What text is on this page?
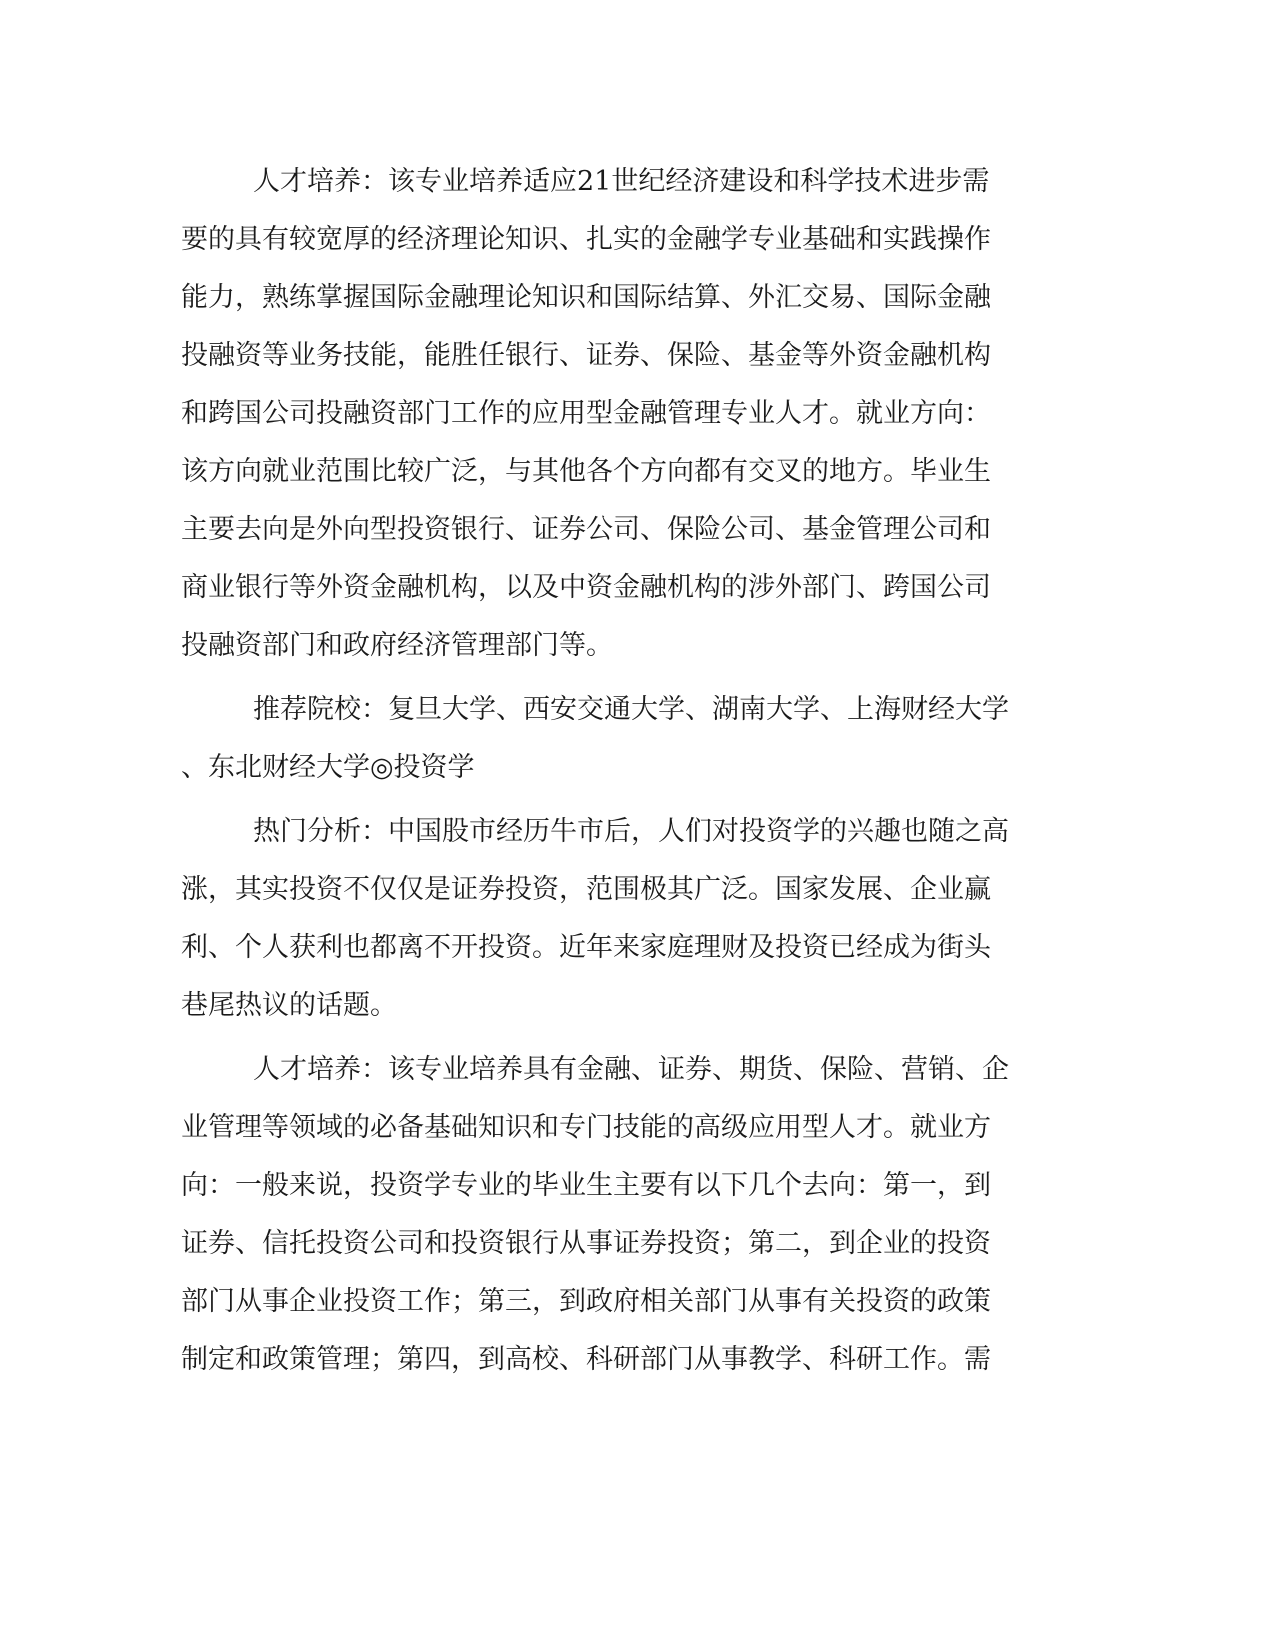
人才培养：该专业培养适应21世纪经济建设和科学技术进步需

要的具有较宽厚的经济理论知识、扎实的金融学专业基础和实践操作

能力，熟练掌握国际金融理论知识和国际结算、外汇交易、国际金融

投融资等业务技能，能胜任银行、证券、保险、基金等外资金融机构

和跨国公司投融资部门工作的应用型金融管理专业人才。就业方向：

该方向就业范围比较广泛，与其他各个方向都有交叉的地方。毕业生

主要去向是外向型投资银行、证券公司、保险公司、基金管理公司和

商业银行等外资金融机构，以及中资金融机构的涉外部门、跨国公司

投融资部门和政府经济管理部门等。

推荐院校：复旦大学、西安交通大学、湖南大学、上海财经大学

、东北财经大学◎投资学

热门分析：中国股市经历牛市后，人们对投资学的兴趣也随之高

涨，其实投资不仅仅是证券投资，范围极其广泛。国家发展、企业赢

利、个人获利也都离不开投资。近年来家庭理财及投资已经成为街头

巷尾热议的话题。

人才培养：该专业培养具有金融、证券、期货、保险、营销、企

业管理等领域的必备基础知识和专门技能的高级应用型人才。就业方

向：一般来说，投资学专业的毕业生主要有以下几个去向：第一，到

证券、信托投资公司和投资银行从事证券投资；第二，到企业的投资

部门从事企业投资工作；第三，到政府相关部门从事有关投资的政策

制定和政策管理；第四，到高校、科研部门从事教学、科研工作。需
